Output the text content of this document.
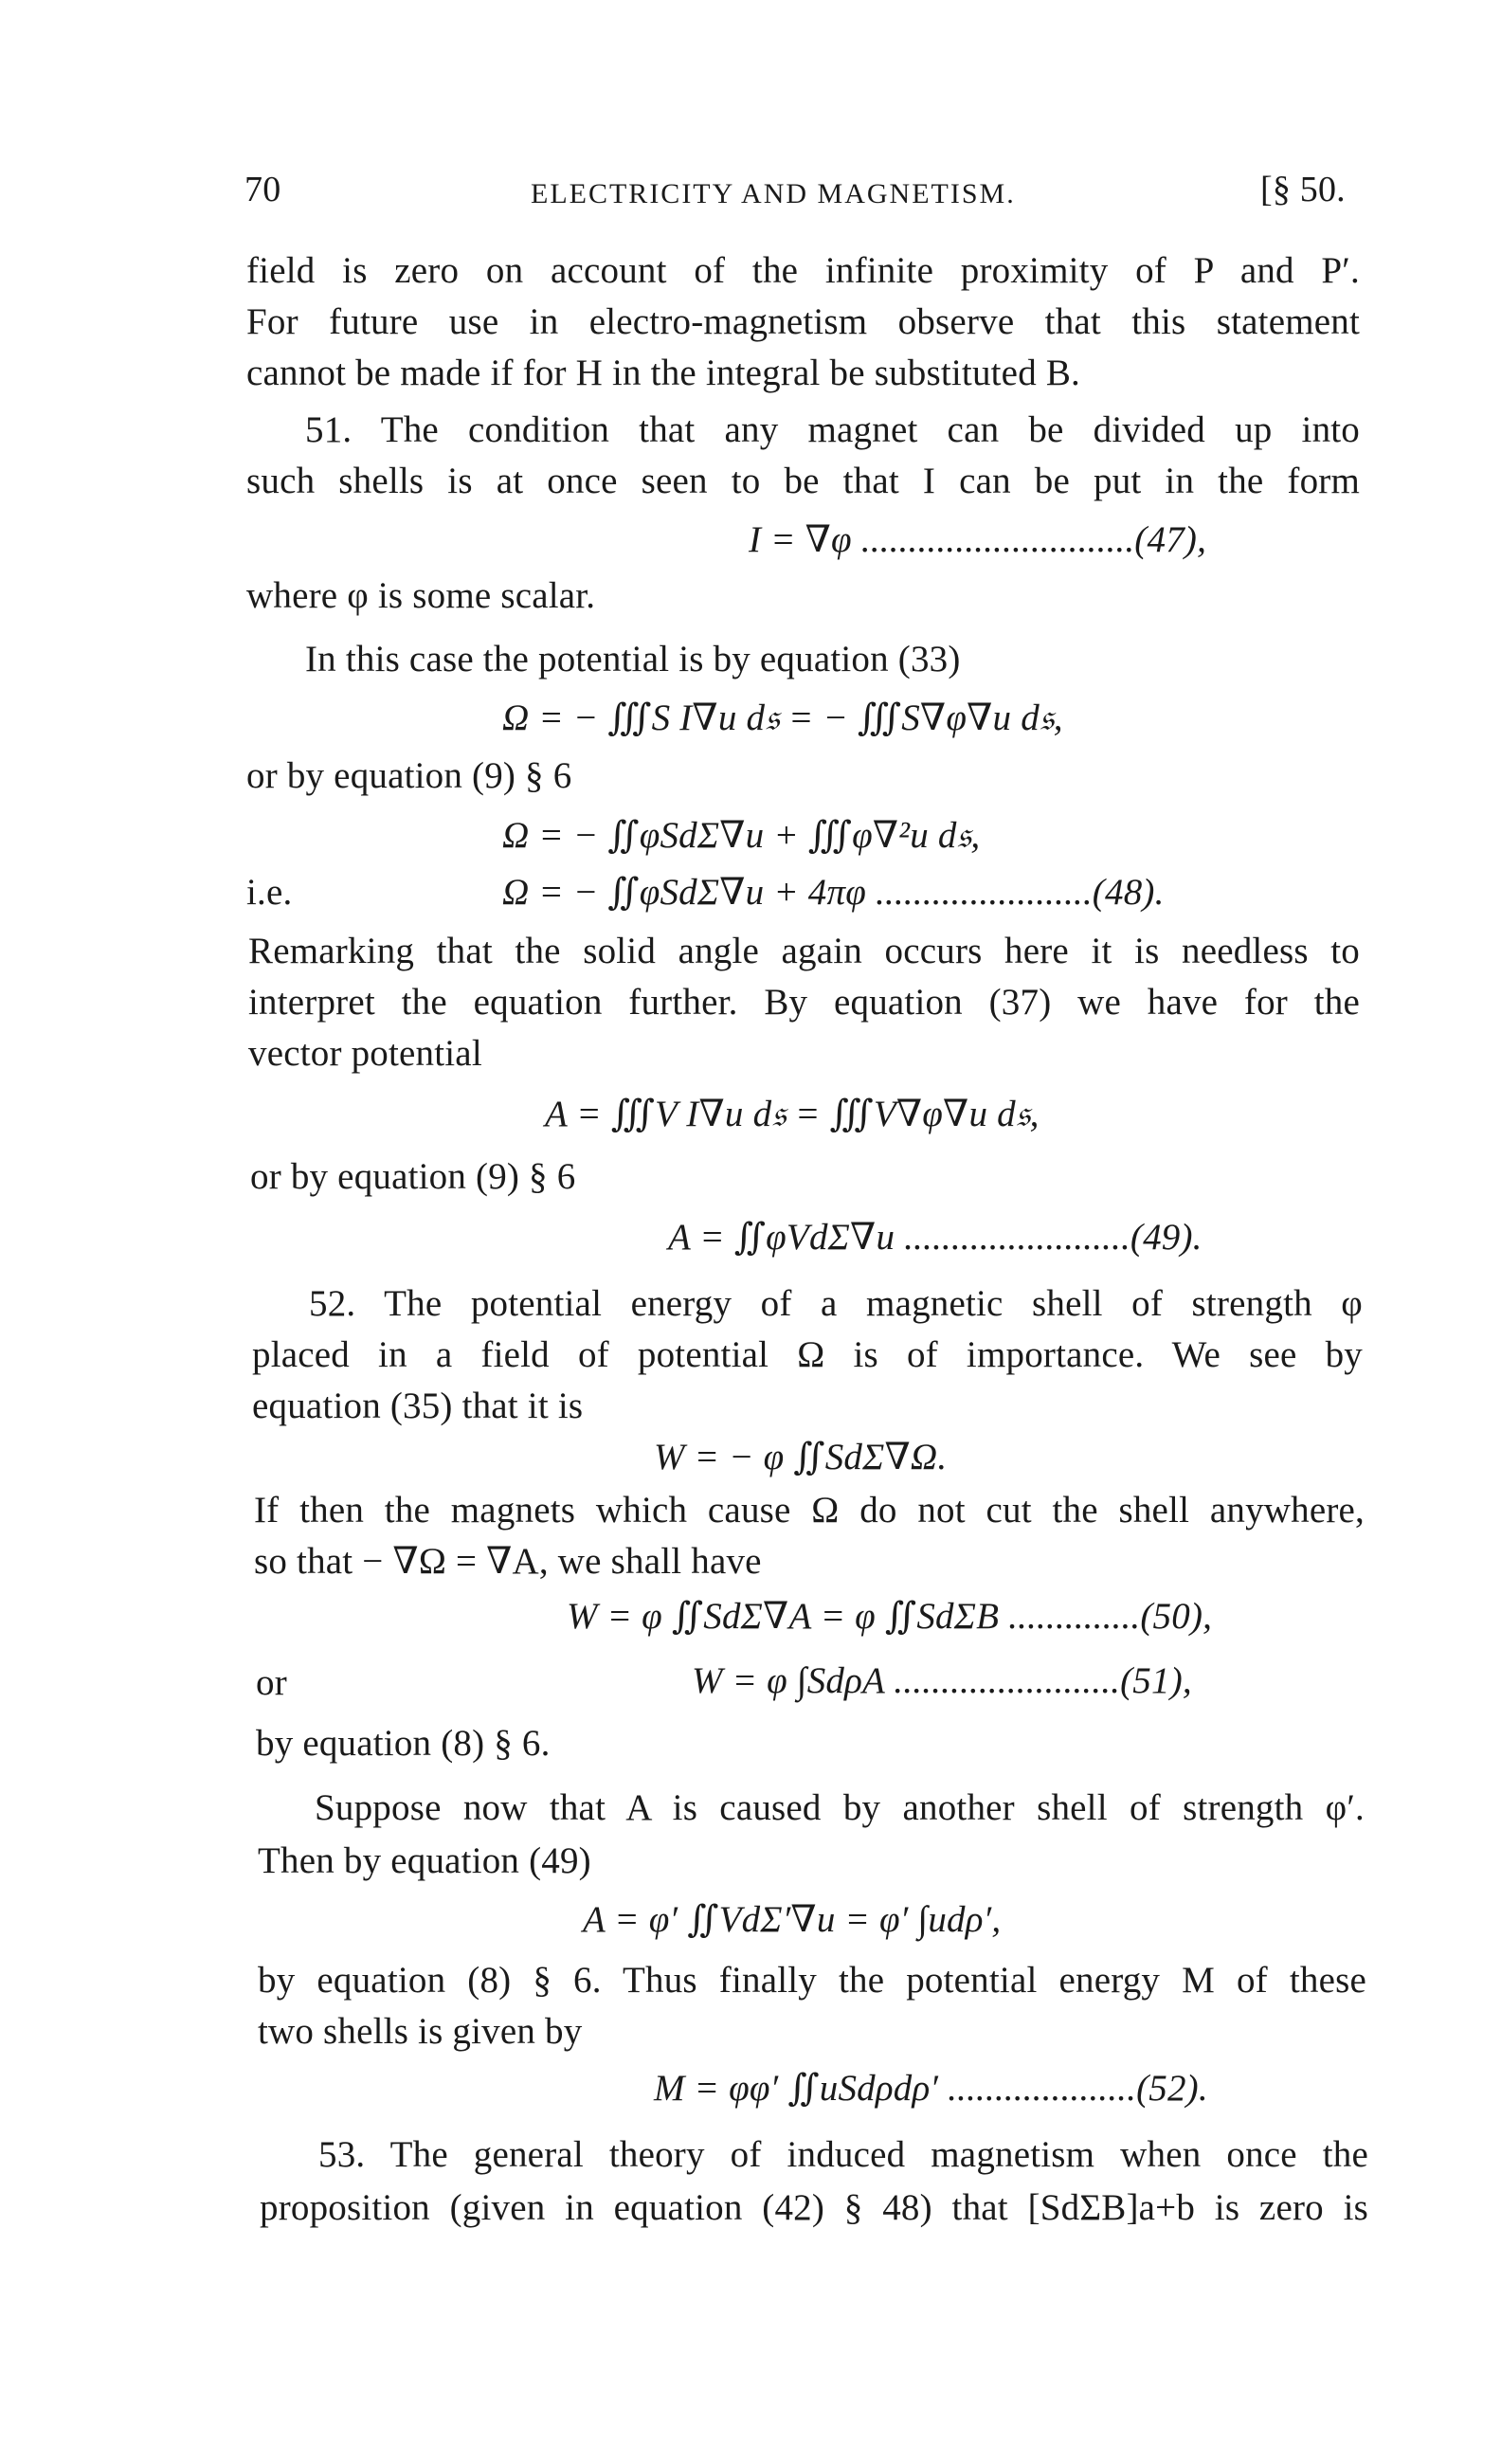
70	ELECTRICITY AND MAGNETISM.	[§ 50.
field is zero on account of the infinite proximity of P and P′.
For future use in electro-magnetism observe that this statement
cannot be made if for H in the integral be substituted B.
51. The condition that any magnet can be divided up into
such shells is at once seen to be that I can be put in the form
I = ∇φ .............................(47),
where φ is some scalar.
In this case the potential is by equation (33)
Ω = − ∭S I∇u d𝔰 = − ∭S∇φ∇u d𝔰,
or by equation (9) § 6
Ω = − ∬φSdΣ∇u + ∭φ∇²u d𝔰,
i.e.	Ω = − ∬φSdΣ∇u + 4πφ .......................(48).
Remarking that the solid angle again occurs here it is needless to
interpret the equation further. By equation (37) we have for the
vector potential
A = ∭V I∇u d𝔰 = ∭V∇φ∇u d𝔰,
or by equation (9) § 6
A = ∬φVdΣ∇u ........................(49).
52. The potential energy of a magnetic shell of strength φ
placed in a field of potential Ω is of importance. We see by
equation (35) that it is
W = − φ ∬SdΣ∇Ω.
If then the magnets which cause Ω do not cut the shell anywhere,
so that − ∇Ω = ∇A, we shall have
W = φ ∬SdΣ∇A = φ ∬SdΣB ..............(50),
or	W = φ ∫SdρA ........................(51),
by equation (8) § 6.
Suppose now that A is caused by another shell of strength φ′.
Then by equation (49)
A = φ′ ∬VdΣ′∇u = φ′ ∫udρ′,
by equation (8) § 6. Thus finally the potential energy M of these
two shells is given by
M = φφ′ ∬uSdρdρ′ ....................(52).
53. The general theory of induced magnetism when once the
proposition (given in equation (42) § 48) that [SdΣB]a+b is zero is
